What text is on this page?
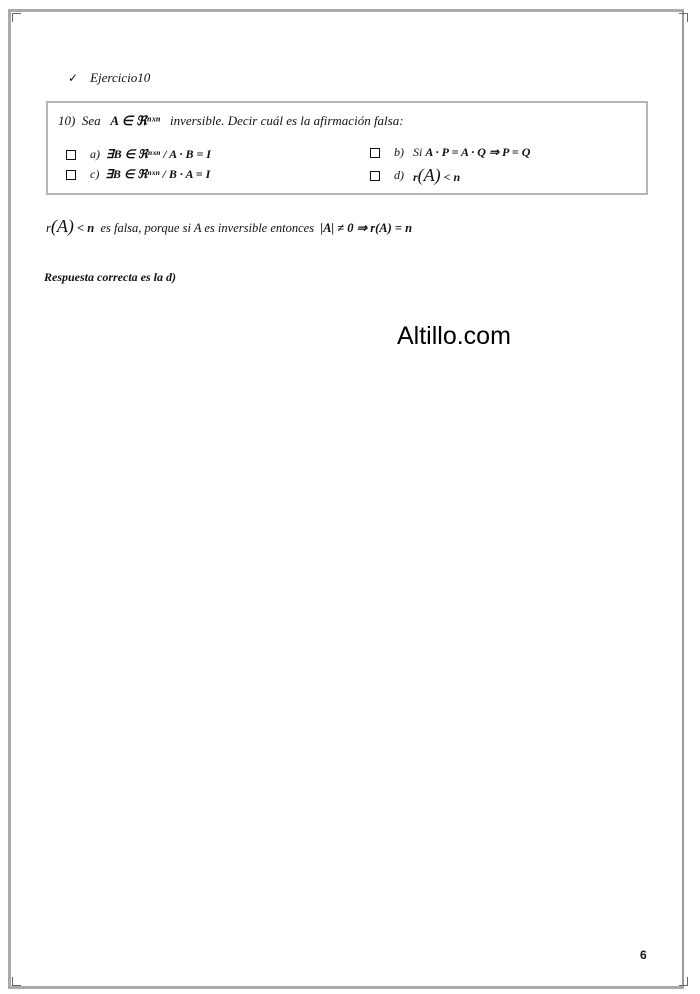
✓ Ejercicio10
10) Sea A ∈ ℜⁿˣⁿ inversible. Decir cuál es la afirmación falsa:
a)
∃B ∈ ℜⁿˣⁿ / A · B = I	b)
Si
A · P = A · Q ⇒ P = Q
c)
∃B ∈ ℜⁿˣⁿ / B · A = I	d)
r(A) < n
r(A) < n es falsa, porque si A es inversible entonces |A| ≠ 0 ⇒ r(A) = n
Respuesta correcta es la d)
Altillo.com
6
